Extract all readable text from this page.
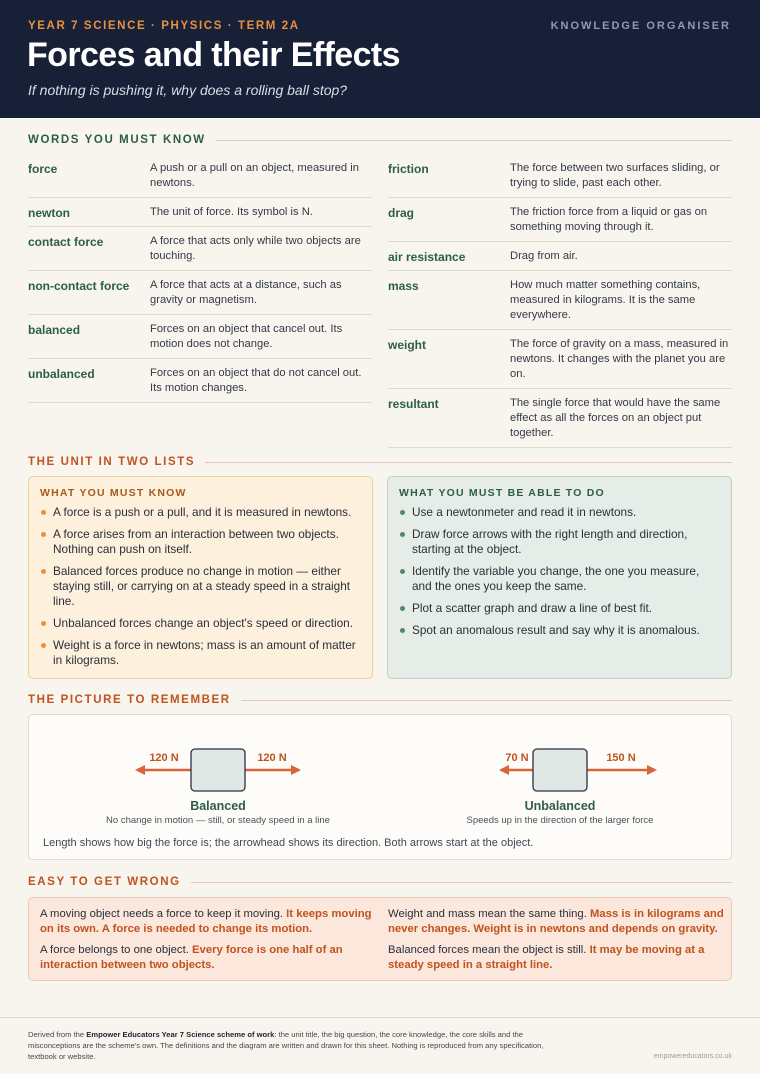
YEAR 7 SCIENCE · PHYSICS · TERM 2A	KNOWLEDGE ORGANISER
Forces and their Effects
If nothing is pushing it, why does a rolling ball stop?
WORDS YOU MUST KNOW
force	A push or a pull on an object, measured in newtons.
newton	The unit of force. Its symbol is N.
contact force	A force that acts only while two objects are touching.
non-contact force	A force that acts at a distance, such as gravity or magnetism.
balanced	Forces on an object that cancel out. Its motion does not change.
unbalanced	Forces on an object that do not cancel out. Its motion changes.
friction	The force between two surfaces sliding, or trying to slide, past each other.
drag	The friction force from a liquid or gas on something moving through it.
air resistance	Drag from air.
mass	How much matter something contains, measured in kilograms. It is the same everywhere.
weight	The force of gravity on a mass, measured in newtons. It changes with the planet you are on.
resultant	The single force that would have the same effect as all the forces on an object put together.
THE UNIT IN TWO LISTS
WHAT YOU MUST KNOW
A force is a push or a pull, and it is measured in newtons.
A force arises from an interaction between two objects. Nothing can push on itself.
Balanced forces produce no change in motion — either staying still, or carrying on at a steady speed in a straight line.
Unbalanced forces change an object's speed or direction.
Weight is a force in newtons; mass is an amount of matter in kilograms.
WHAT YOU MUST BE ABLE TO DO
Use a newtonmeter and read it in newtons.
Draw force arrows with the right length and direction, starting at the object.
Identify the variable you change, the one you measure, and the ones you keep the same.
Plot a scatter graph and draw a line of best fit.
Spot an anomalous result and say why it is anomalous.
THE PICTURE TO REMEMBER
120 N	120 N
Balanced
No change in motion — still, or steady speed in a line
70 N	150 N
Unbalanced
Speeds up in the direction of the larger force
Length shows how big the force is; the arrowhead shows its direction. Both arrows start at the object.
EASY TO GET WRONG

A moving object needs a force to keep it moving. It keeps moving on its own. A force is needed to change its motion.

A force belongs to one object. Every force is one half of an interaction between two objects.

Weight and mass mean the same thing. Mass is in kilograms and never changes. Weight is in newtons and depends on gravity.

Balanced forces mean the object is still. It may be moving at a steady speed in a straight line.

Derived from the Empower Educators Year 7 Science scheme of work: the unit title, the big question, the core knowledge, the core skills and the misconceptions are the scheme's own. The definitions and the diagram are written and drawn for this sheet. Nothing is reproduced from any specification, textbook or website.	empowereducators.co.uk
